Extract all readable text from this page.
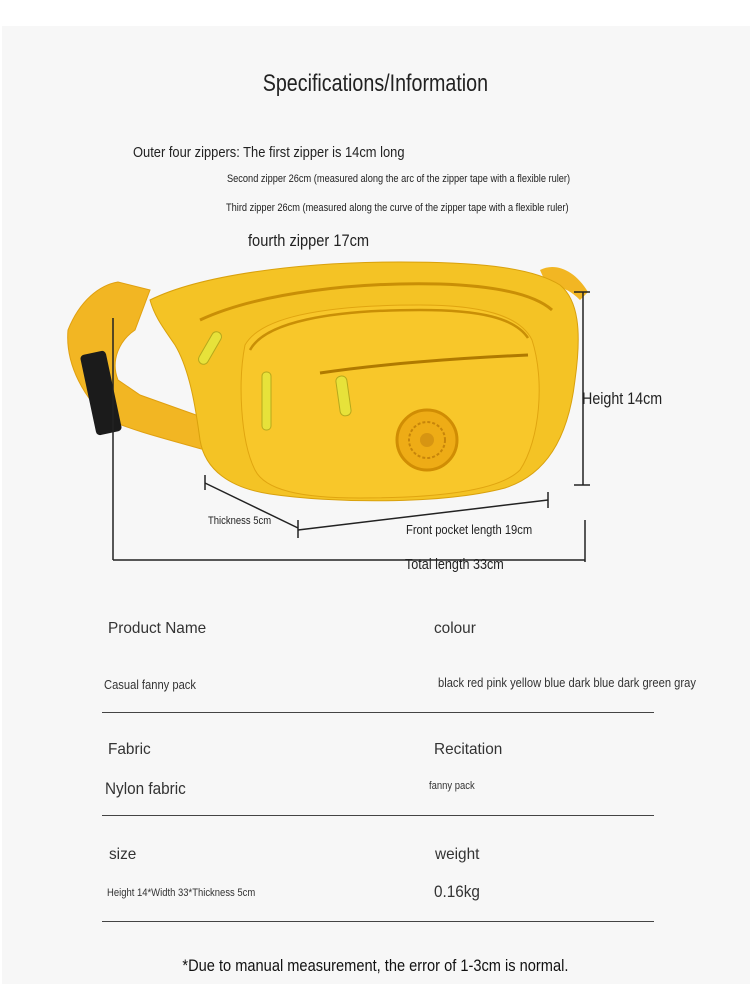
Specifications/Information
Outer four zippers: The first zipper is 14cm long
Second zipper 26cm (measured along the arc of the zipper tape with a flexible ruler)
Third zipper 26cm (measured along the curve of the zipper tape with a flexible ruler)
fourth zipper 17cm
Height 14cm
Thickness 5cm
Front pocket length 19cm
Total length 33cm
Product Name	colour
Casual fanny pack	black red pink yellow blue dark blue dark green gray
Fabric	Recitation
Nylon fabric	fanny pack
size	weight
Height 14*Width 33*Thickness 5cm	0.16kg
*Due to manual measurement, the error of 1-3cm is normal.
